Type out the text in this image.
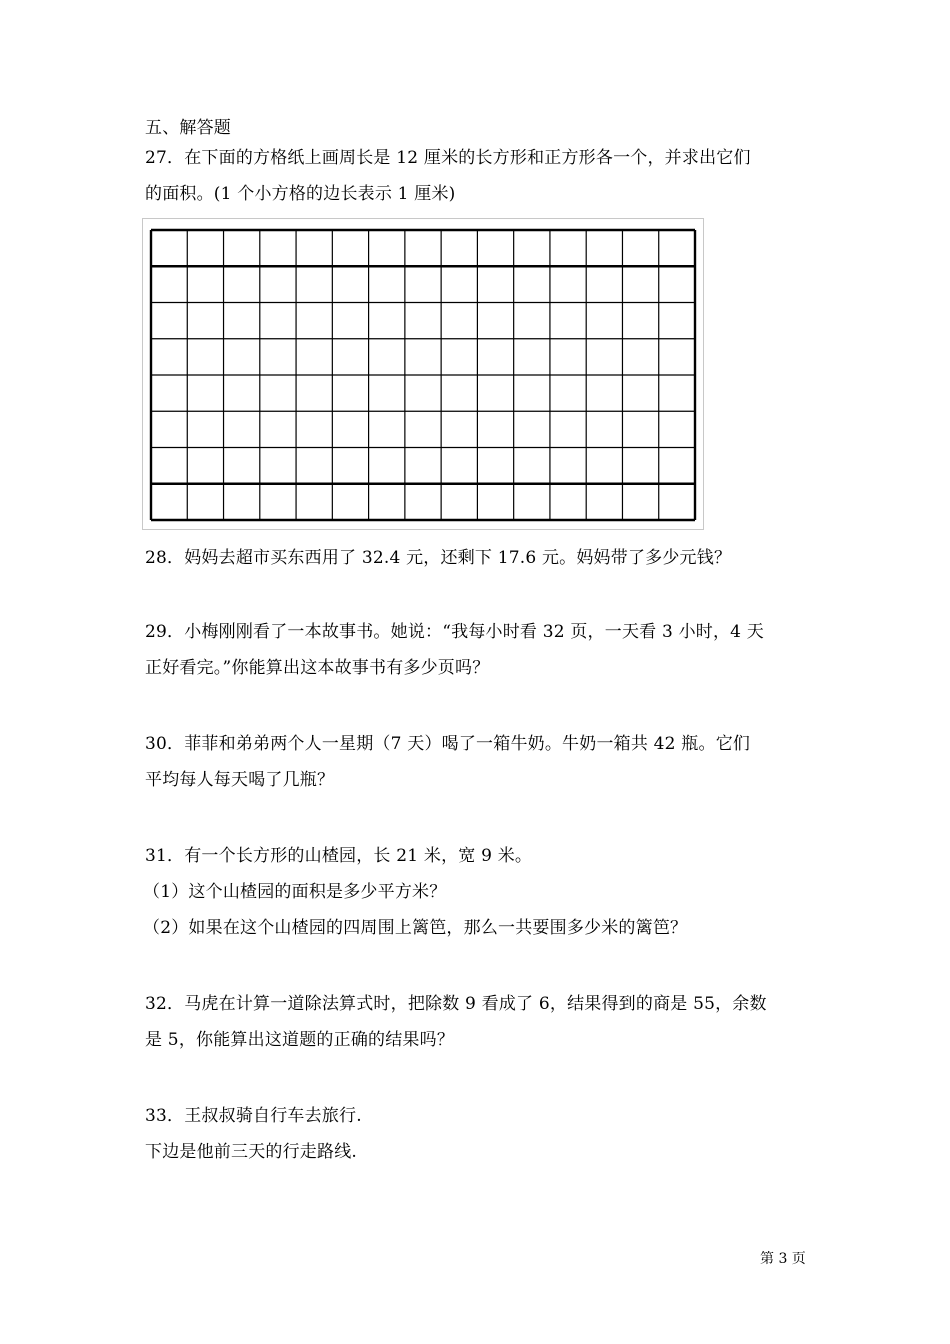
五、解答题
27．在下面的方格纸上画周长是 12 厘米的长方形和正方形各一个，并求出它们
的面积。(1 个小方格的边长表示 1 厘米)
28．妈妈去超市买东西用了 32.4 元，还剩下 17.6 元。妈妈带了多少元钱？
29．小梅刚刚看了一本故事书。她说：“我每小时看 32 页，一天看 3 小时，4 天
正好看完。”你能算出这本故事书有多少页吗？
30．菲菲和弟弟两个人一星期（7 天）喝了一箱牛奶。牛奶一箱共 42 瓶。它们
平均每人每天喝了几瓶？
31．有一个长方形的山楂园，长 21 米，宽 9 米。
（1）这个山楂园的面积是多少平方米？
（2）如果在这个山楂园的四周围上篱笆，那么一共要围多少米的篱笆？
32．马虎在计算一道除法算式时，把除数 9 看成了 6，结果得到的商是 55，余数
是 5，你能算出这道题的正确的结果吗？
33．王叔叔骑自行车去旅行.
下边是他前三天的行走路线.
第 3 页
